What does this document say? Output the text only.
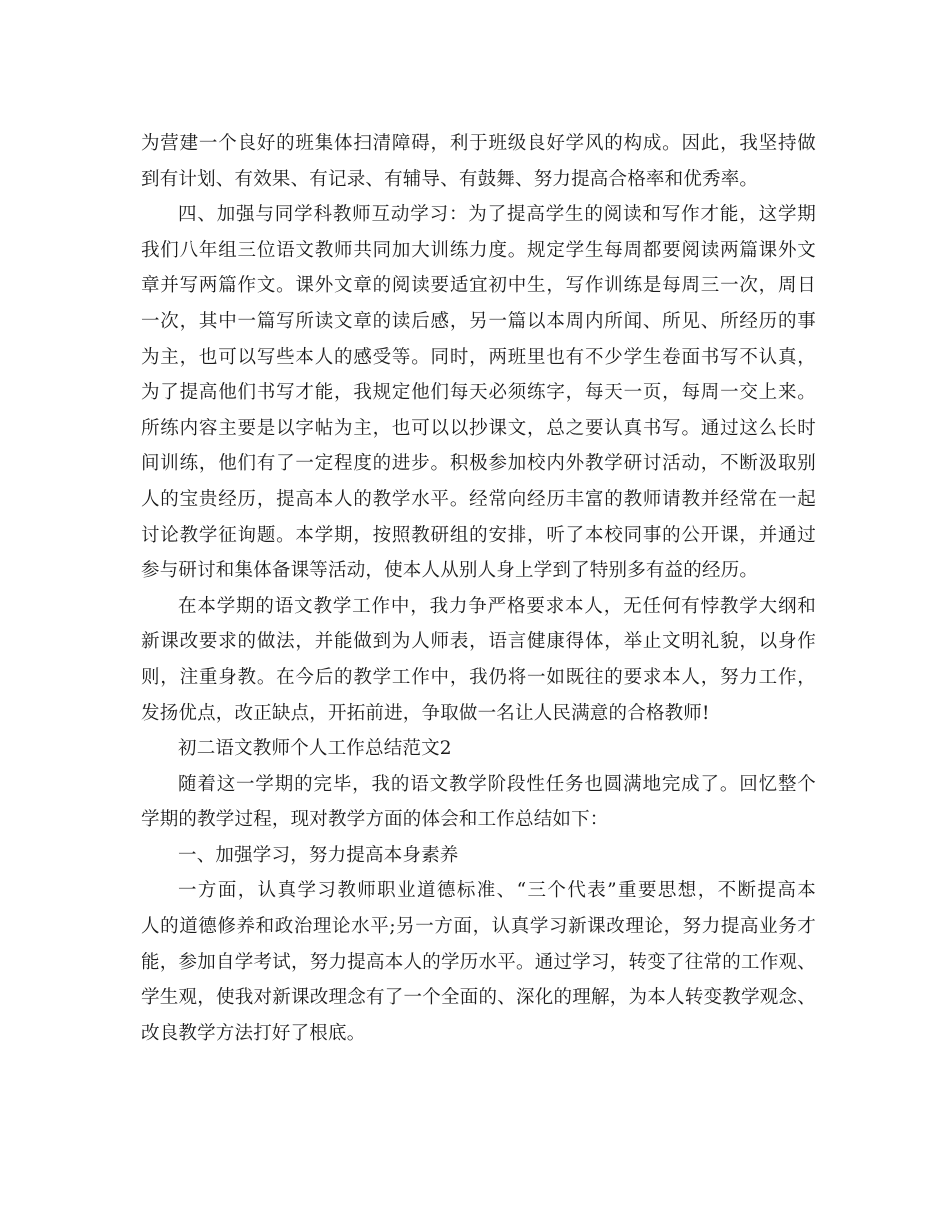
为营建一个良好的班集体扫清障碍，利于班级良好学风的构成。因此，我坚持做
到有计划、有效果、有记录、有辅导、有鼓舞、努力提高合格率和优秀率。
四、加强与同学科教师互动学习：为了提高学生的阅读和写作才能，这学期
我们八年组三位语文教师共同加大训练力度。规定学生每周都要阅读两篇课外文
章并写两篇作文。课外文章的阅读要适宜初中生，写作训练是每周三一次，周日
一次，其中一篇写所读文章的读后感，另一篇以本周内所闻、所见、所经历的事
为主，也可以写些本人的感受等。同时，两班里也有不少学生卷面书写不认真，
为了提高他们书写才能，我规定他们每天必须练字，每天一页，每周一交上来。
所练内容主要是以字帖为主，也可以以抄课文，总之要认真书写。通过这么长时
间训练，他们有了一定程度的进步。积极参加校内外教学研讨活动，不断汲取别
人的宝贵经历，提高本人的教学水平。经常向经历丰富的教师请教并经常在一起
讨论教学征询题。本学期，按照教研组的安排，听了本校同事的公开课，并通过
参与研讨和集体备课等活动，使本人从别人身上学到了特别多有益的经历。
在本学期的语文教学工作中，我力争严格要求本人，无任何有悖教学大纲和
新课改要求的做法，并能做到为人师表，语言健康得体，举止文明礼貌，以身作
则，注重身教。在今后的教学工作中，我仍将一如既往的要求本人，努力工作，
发扬优点，改正缺点，开拓前进，争取做一名让人民满意的合格教师!
初二语文教师个人工作总结范文2
随着这一学期的完毕，我的语文教学阶段性任务也圆满地完成了。回忆整个
学期的教学过程，现对教学方面的体会和工作总结如下：
一、加强学习，努力提高本身素养
一方面，认真学习教师职业道德标准、“三个代表”重要思想，不断提高本
人的道德修养和政治理论水平;另一方面，认真学习新课改理论，努力提高业务才
能，参加自学考试，努力提高本人的学历水平。通过学习，转变了往常的工作观、
学生观，使我对新课改理念有了一个全面的、深化的理解，为本人转变教学观念、
改良教学方法打好了根底。
